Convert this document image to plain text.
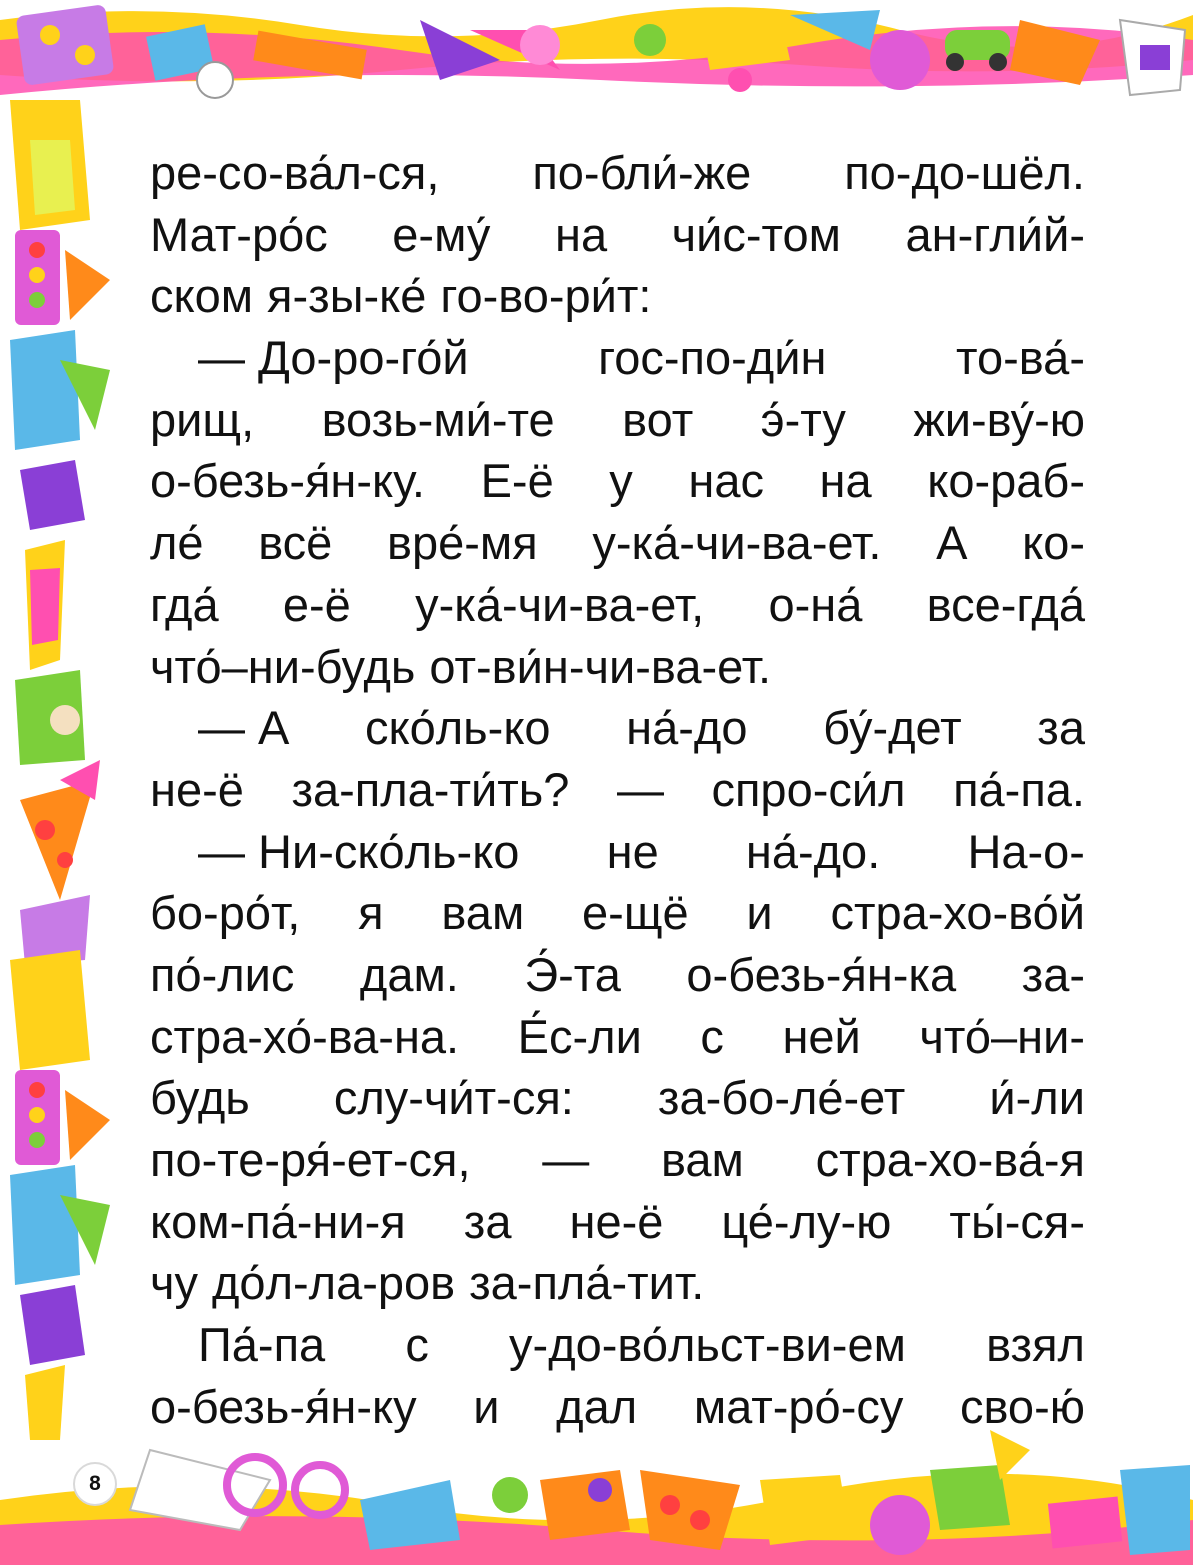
8
ре-со-ва́л-ся, по-бли́-же по-до-шёл.
Мат-ро́с е-му́ на чи́с-том ан-гли́й-
ском я-зы-ке́ го-во-ри́т:
— До-ро-го́й	гос-по-ди́н	то-ва́-
рищ, возь-ми́-те вот э́-ту жи-ву́-ю
о-безь-я́н-ку. Е-ё у нас на ко-раб-
ле́ всё вре́-мя у-ка́-чи-ва-ет. А ко-
гда́ е-ё у-ка́-чи-ва-ет, о-на́ все-гда́
что́–ни-будь от-ви́н-чи-ва-ет.
— А ско́ль-ко на́-до бу́-дет за
не-ё за-пла-ти́ть? — спро-си́л па́-па.
— Ни-ско́ль-ко не на́-до. На-о-
бо-ро́т, я вам е-щё и стра-хо-во́й
по́-лис дам. Э́-та о-безь-я́н-ка за-
стра-хо́-ва-на. Е́с-ли с ней что́–ни-
будь слу-чи́т-ся: за-бо-ле́-ет и́-ли
по-те-ря́-ет-ся, — вам стра-хо-ва́-я
ком-па́-ни-я за не-ё це́-лу-ю ты́-ся-
чу до́л-ла-ров за-пла́-тит.
Па́-па с у-до-во́льст-ви-ем взял
о-безь-я́н-ку и дал мат-ро́-су сво-ю́
